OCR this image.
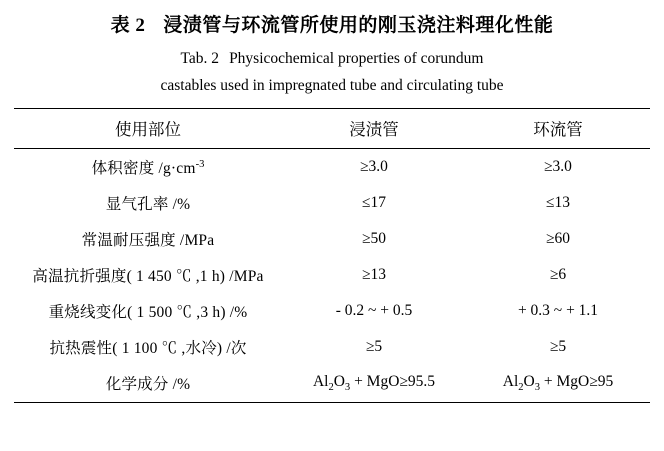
表 2 浸渍管与环流管所使用的刚玉浇注料理化性能
Tab. 2 Physicochemical properties of corundum
castables used in impregnated tube and circulating tube
使用部位	浸渍管	环流管
体积密度 $/g\cdot cm^{-3}$	≥3.0	≥3.0
显气孔率 /%	≤17	≤13
常温耐压强度 /MPa	≥50	≥60
高温抗折强度( 1 450 ℃ ,1 h) /MPa	≥13	≥6
重烧线变化( 1 500 ℃ ,3 h) /%	- 0.2 ~ + 0.5	+ 0.3 ~ + 1.1
抗热震性( 1 100 ℃ ,水冷) /次	≥5	≥5
化学成分 /%	$Al_2O_3 + MgO\ge 95.5$	$Al_2O_3 + MgO\ge 95$
